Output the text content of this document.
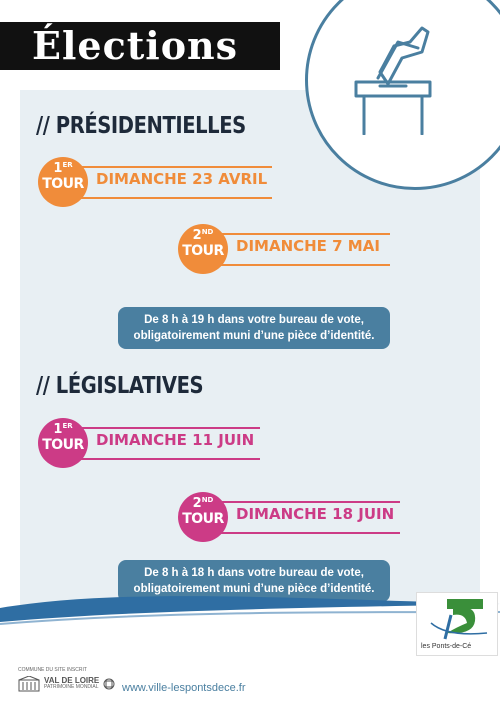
Élections
// PRÉSIDENTIELLES
1ER
TOUR DIMANCHE 23 AVRIL
2ND
TOUR DIMANCHE 7 MAI
De 8 h à 19 h dans votre bureau de vote,
obligatoirement muni d’une pièce d’identité.
// LÉGISLATIVES
1ER
TOUR DIMANCHE 11 JUIN
2ND
TOUR DIMANCHE 18 JUIN
De 8 h à 18 h dans votre bureau de vote,
obligatoirement muni d’une pièce d’identité.
les Ponts-de-Cé
COMMUNE DU SITE INSCRIT
VAL DE LOIRE
PATRIMOINE MONDIAL www.ville-lespontsdece.fr
